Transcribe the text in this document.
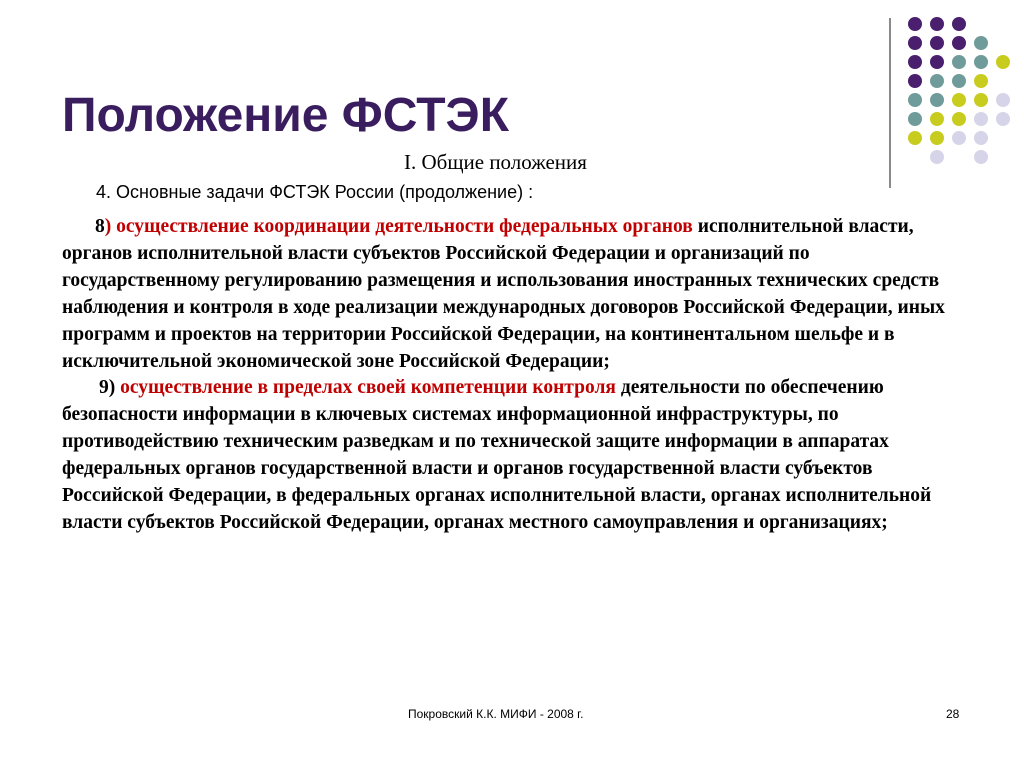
Положение ФСТЭК

I. Общие положения

4. Основные задачи ФСТЭК России (продолжение) :

8) осуществление координации деятельности федеральных органов исполнительной власти, органов исполнительной власти субъектов Российской Федерации и организаций по государственному регулированию размещения и использования иностранных технических средств наблюдения и контроля в ходе реализации международных договоров Российской Федерации, иных программ и проектов на территории Российской Федерации, на континентальном шельфе и в исключительной экономической зоне Российской Федерации;

9) осуществление в пределах своей компетенции контроля деятельности по обеспечению безопасности информации в ключевых системах информационной инфраструктуры, по противодействию техническим разведкам и по технической защите информации в аппаратах федеральных органов государственной власти и органов государственной власти субъектов Российской Федерации, в федеральных органах исполнительной власти, органах исполнительной власти субъектов Российской Федерации, органах местного самоуправления и организациях;

Покровский К.К. МИФИ - 2008 г.	28
